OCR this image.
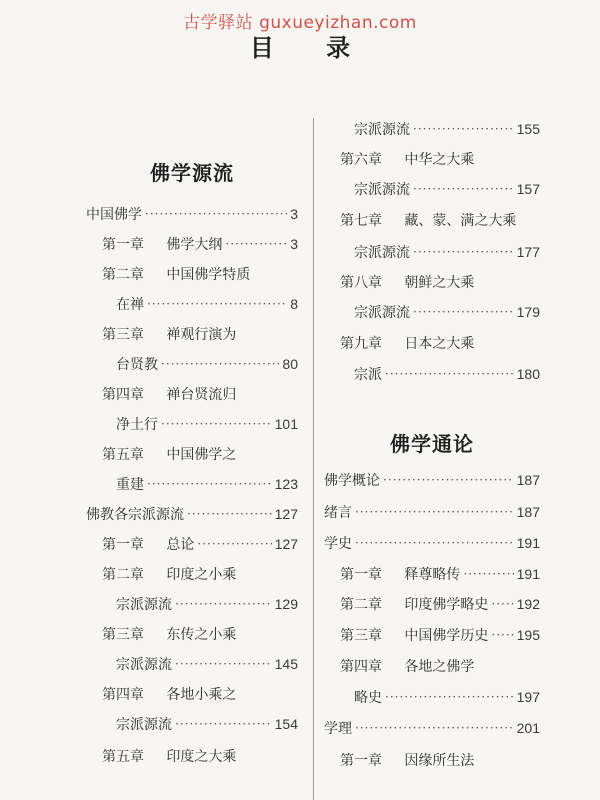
古学驿站 guxueyizhan.com
目 录
佛学源流
中国佛学 ·····	3
第一章	佛学大纲 ·····	3
第二章	中国佛学特质
在禅 ·····	8
第三章	禅观行演为
台贤教 ·····	80
第四章	禅台贤流归
净土行 ·····	101
第五章	中国佛学之
重建 ·····	123
佛教各宗派源流 ·····	127
第一章	总论 ·····	127
第二章	印度之小乘
宗派源流 ·····	129
第三章	东传之小乘
宗派源流 ·····	145
第四章	各地小乘之
宗派源流 ·····	154
第五章	印度之大乘
宗派源流 ·····	155
第六章	中华之大乘
宗派源流 ·····	157
第七章	藏、蒙、满之大乘
宗派源流 ·····	177
第八章	朝鲜之大乘
宗派源流 ·····	179
第九章	日本之大乘
宗派 ·····	180
佛学通论
佛学概论 ·····	187
绪言 ·····	187
学史 ·····	191
第一章	释尊略传 ·····	191
第二章	印度佛学略史 ····· 192
第三章	中国佛学历史 ····· 195
第四章	各地之佛学
略史 ·····	197
学理 ·····	201
第一章	因缘所生法
